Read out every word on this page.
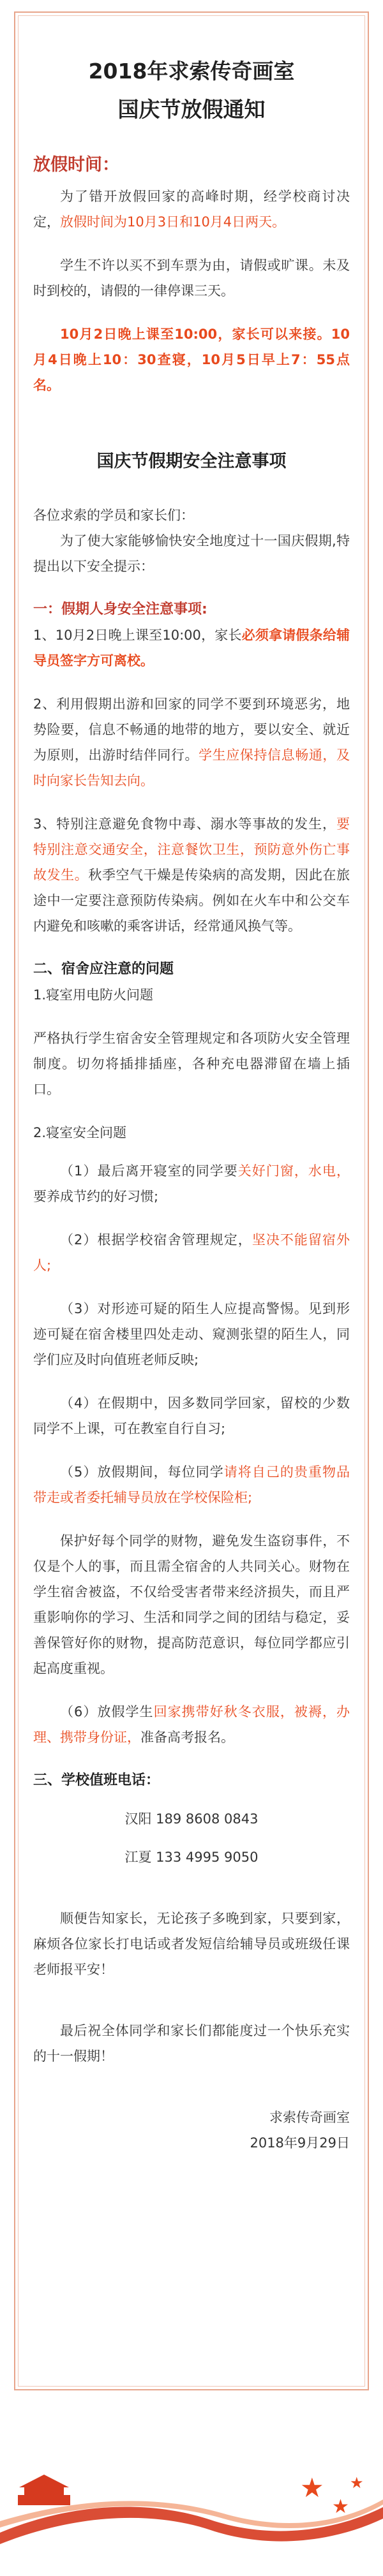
2018年求索传奇画室
国庆节放假通知
放假时间：

为了错开放假回家的高峰时期，经学校商讨决定，放假时间为10月3日和10月4日两天。

学生不许以买不到车票为由，请假或旷课。未及时到校的，请假的一律停课三天。

10月2日晚上课至10:00，家长可以来接。10月4日晚上10：30查寝，10月5日早上7：55点名。

国庆节假期安全注意事项

各位求索的学员和家长们：

为了使大家能够愉快安全地度过十一国庆假期,特提出以下安全提示：

一：假期人身安全注意事项:

1、10月2日晚上课至10:00，家长必须拿请假条给辅导员签字方可离校。

2、利用假期出游和回家的同学不要到环境恶劣，地势险要，信息不畅通的地带的地方，要以安全、就近为原则，出游时结伴同行。学生应保持信息畅通，及时向家长告知去向。

3、特别注意避免食物中毒、溺水等事故的发生，要特别注意交通安全，注意餐饮卫生，预防意外伤亡事故发生。秋季空气干燥是传染病的高发期，因此在旅途中一定要注意预防传染病。例如在火车中和公交车内避免和咳嗽的乘客讲话，经常通风换气等。

二、宿舍应注意的问题

1.寝室用电防火问题

严格执行学生宿舍安全管理规定和各项防火安全管理制度。切勿将插排插座，各种充电器滞留在墙上插口。

2.寝室安全问题

（1）最后离开寝室的同学要关好门窗，水电，要养成节约的好习惯;

（2）根据学校宿舍管理规定，坚决不能留宿外人;

（3）对形迹可疑的陌生人应提高警惕。见到形迹可疑在宿舍楼里四处走动、窥测张望的陌生人，同学们应及时向值班老师反映;

（4）在假期中，因多数同学回家，留校的少数同学不上课，可在教室自行自习;

（5）放假期间，每位同学请将自己的贵重物品带走或者委托辅导员放在学校保险柜;

保护好每个同学的财物，避免发生盗窃事件，不仅是个人的事，而且需全宿舍的人共同关心。财物在学生宿舍被盗，不仅给受害者带来经济损失，而且严重影响你的学习、生活和同学之间的团结与稳定，妥善保管好你的财物，提高防范意识，每位同学都应引起高度重视。

（6）放假学生回家携带好秋冬衣服，被褥，办理、携带身份证，准备高考报名。

三、学校值班电话：

汉阳 189 8608 0843

江夏 133 4995 9050

顺便告知家长，无论孩子多晚到家，只要到家，麻烦各位家长打电话或者发短信给辅导员或班级任课老师报平安！

最后祝全体同学和家长们都能度过一个快乐充实的十一假期！

求索传奇画室

2018年9月29日

★
★
★
